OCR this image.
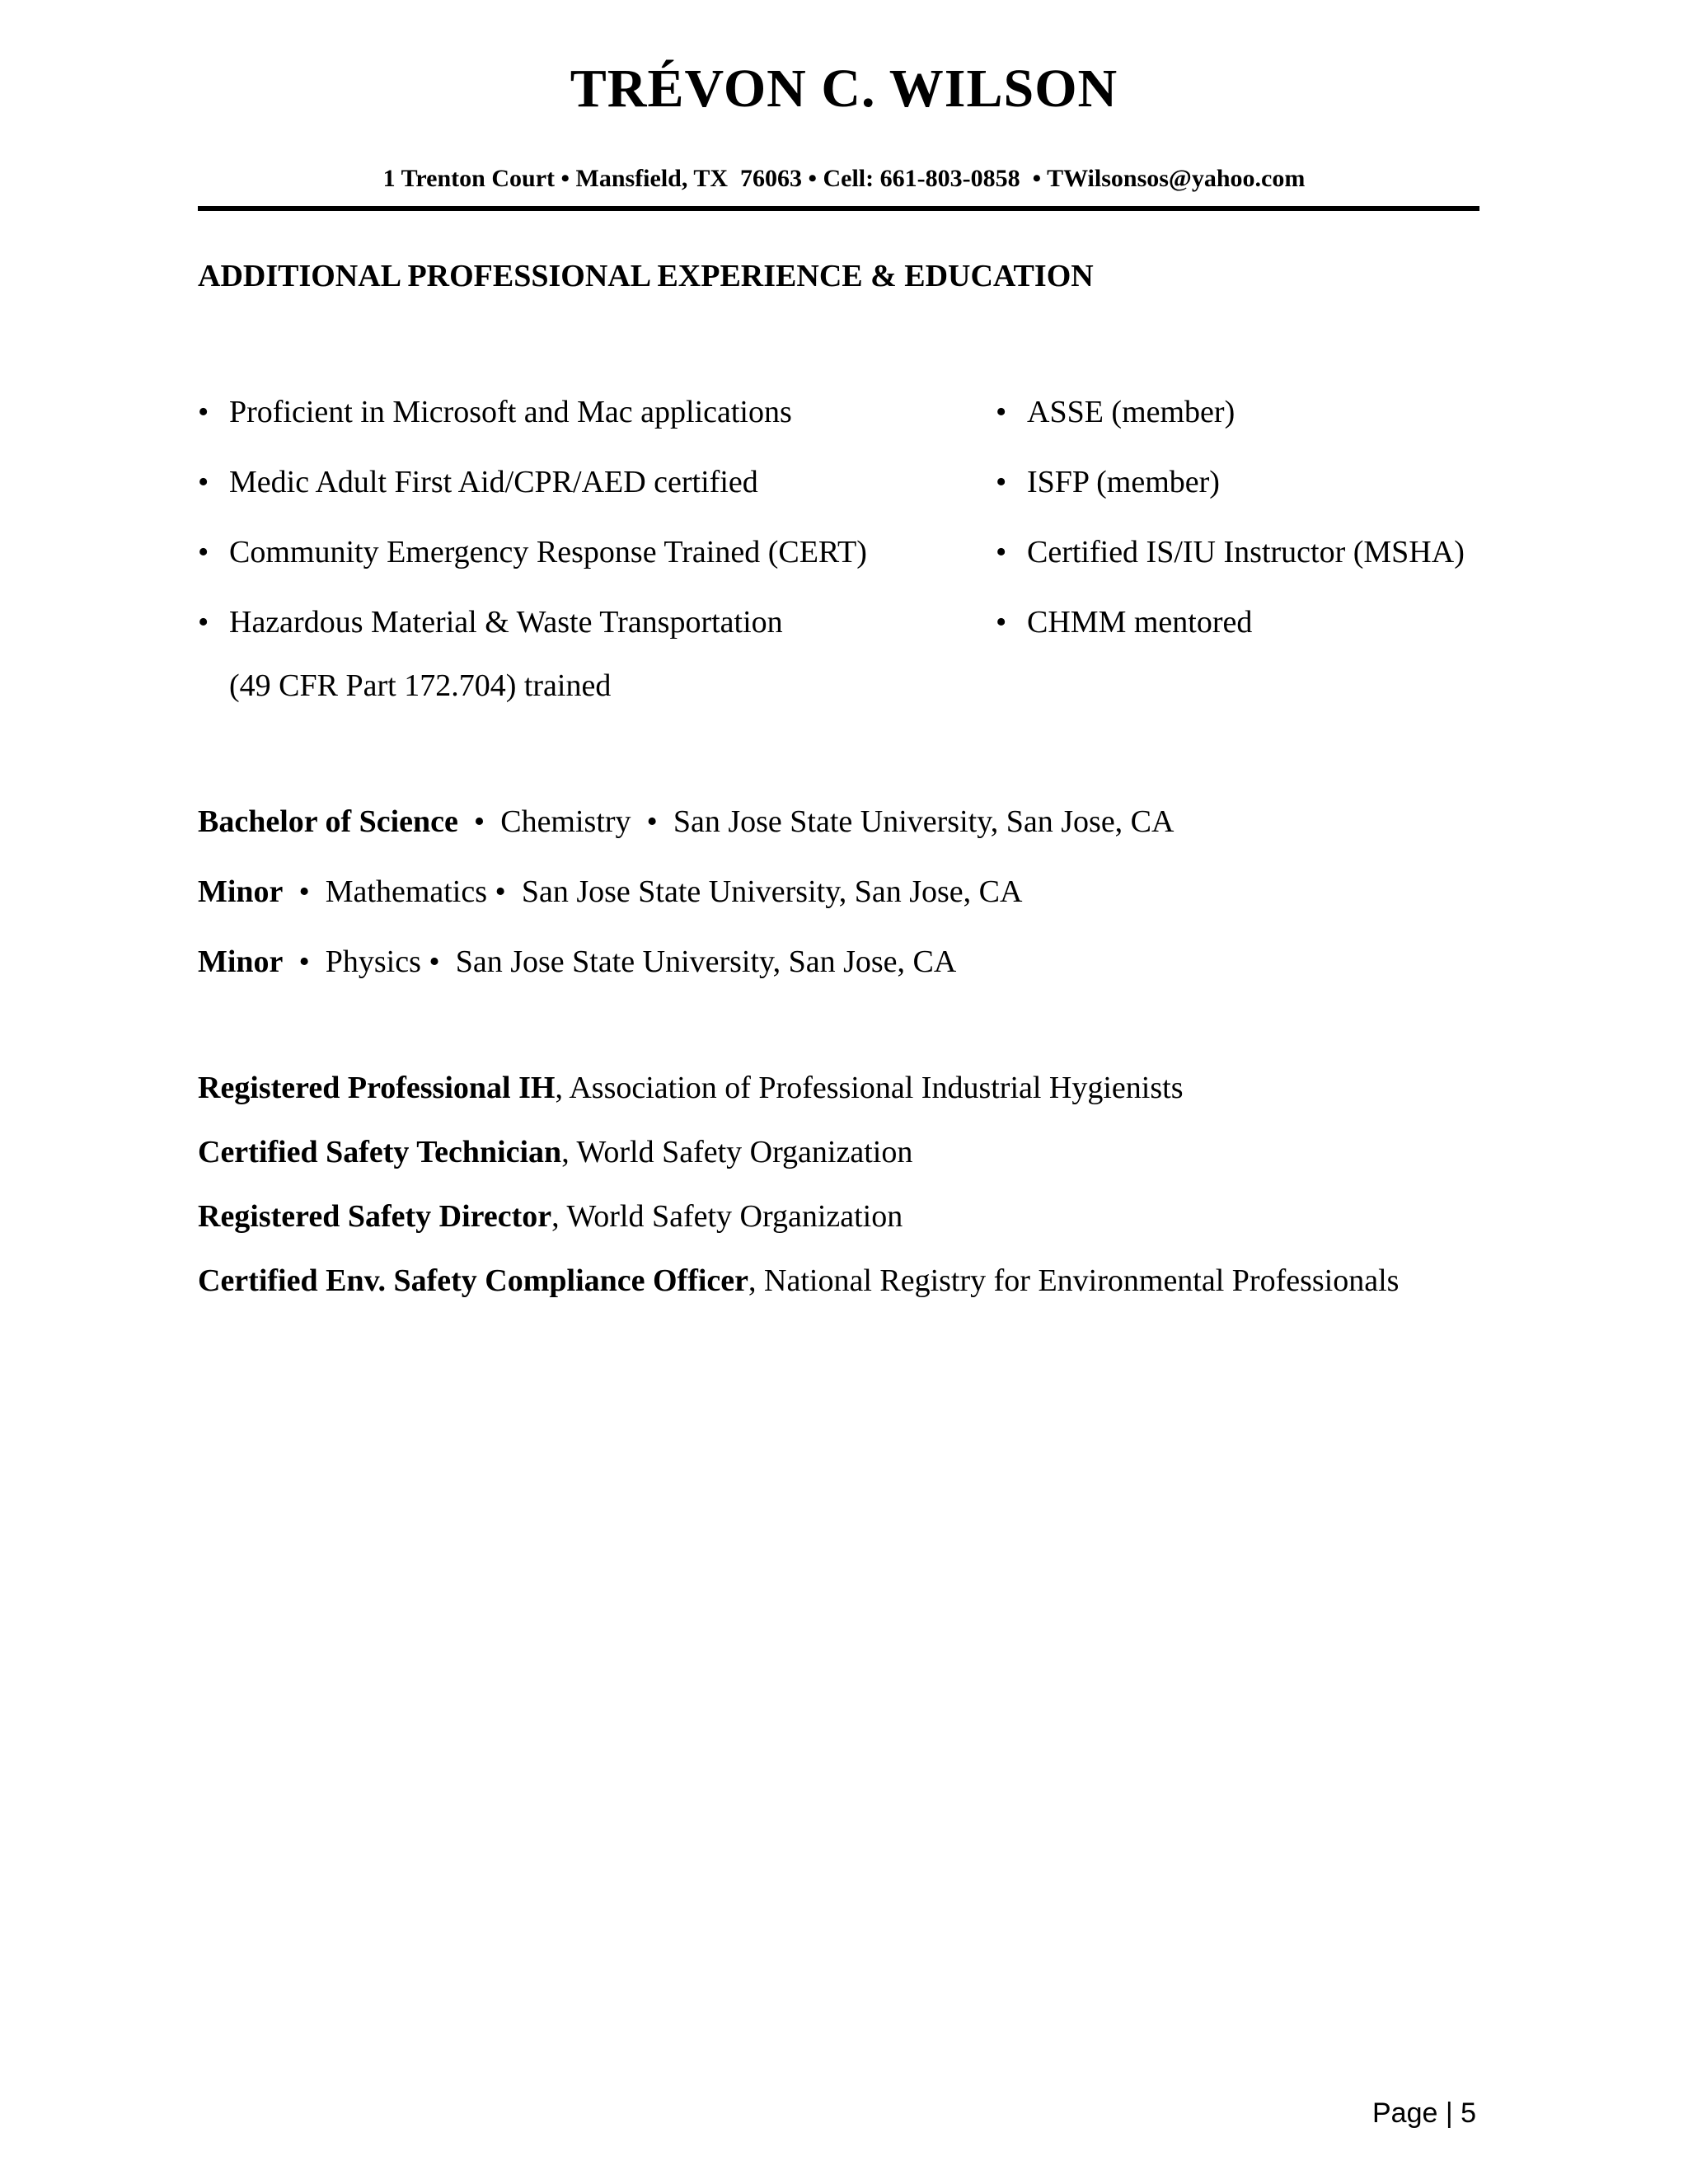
TRÉVON C. WILSON
1 Trenton Court • Mansfield, TX  76063 • Cell: 661-803-0858  • TWilsonsos@yahoo.com
ADDITIONAL PROFESSIONAL EXPERIENCE & EDUCATION
• Proficient in Microsoft and Mac applications
• Medic Adult First Aid/CPR/AED certified
• Community Emergency Response Trained (CERT)
• Hazardous Material & Waste Transportation
(49 CFR Part 172.704) trained
• ASSE (member)
• ISFP (member)
• Certified IS/IU Instructor (MSHA)
• CHMM mentored
Bachelor of Science • Chemistry • San Jose State University, San Jose, CA
Minor • Mathematics • San Jose State University, San Jose, CA
Minor • Physics • San Jose State University, San Jose, CA
Registered Professional IH, Association of Professional Industrial Hygienists
Certified Safety Technician, World Safety Organization
Registered Safety Director, World Safety Organization
Certified Env. Safety Compliance Officer, National Registry for Environmental Professionals
Page | 5
